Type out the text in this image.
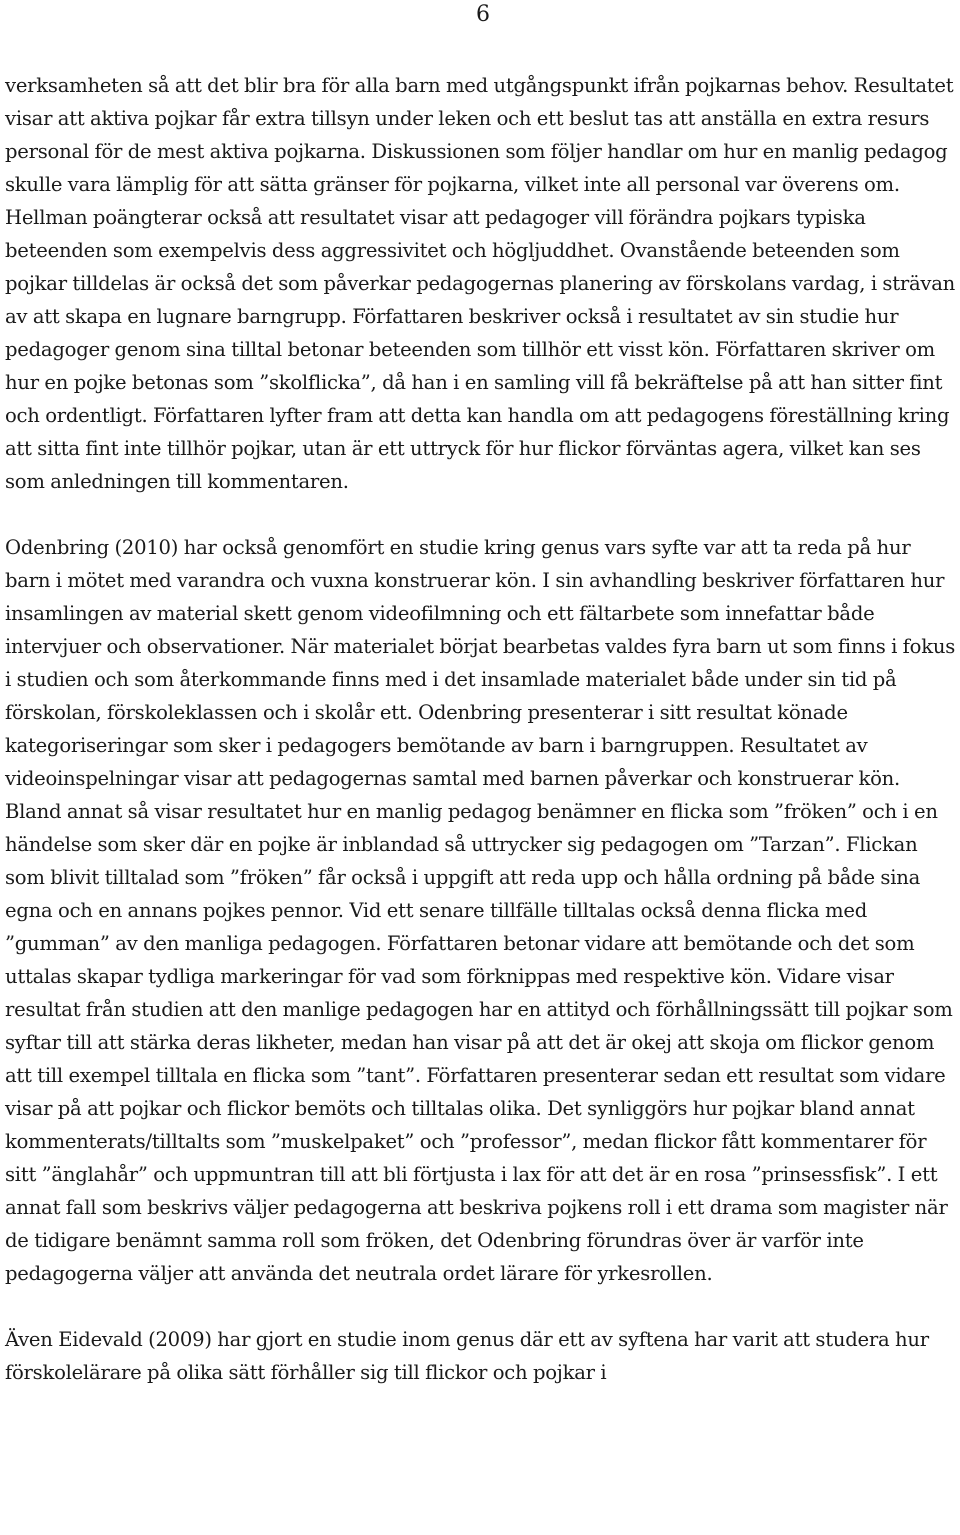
6

verksamheten så att det blir bra för alla barn med utgångspunkt ifrån pojkarnas behov. Resultatet visar att aktiva pojkar får extra tillsyn under leken och ett beslut tas att anställa en extra resurs personal för de mest aktiva pojkarna. Diskussionen som följer handlar om hur en manlig pedagog skulle vara lämplig för att sätta gränser för pojkarna, vilket inte all personal var överens om. Hellman poängterar också att resultatet visar att pedagoger vill förändra pojkars typiska beteenden som exempelvis dess aggressivitet och högljuddhet. Ovanstående beteenden som pojkar tilldelas är också det som påverkar pedagogernas planering av förskolans vardag, i strävan av att skapa en lugnare barngrupp. Författaren beskriver också i resultatet av sin studie hur pedagoger genom sina tilltal betonar beteenden som tillhör ett visst kön. Författaren skriver om hur en pojke betonas som ”skolflicka”, då han i en samling vill få bekräftelse på att han sitter fint och ordentligt. Författaren lyfter fram att detta kan handla om att pedagogens föreställning kring att sitta fint inte tillhör pojkar, utan är ett uttryck för hur flickor förväntas agera, vilket kan ses som anledningen till kommentaren.

Odenbring (2010) har också genomfört en studie kring genus vars syfte var att ta reda på hur barn i mötet med varandra och vuxna konstruerar kön. I sin avhandling beskriver författaren hur insamlingen av material skett genom videofilmning och ett fältarbete som innefattar både intervjuer och observationer. När materialet börjat bearbetas valdes fyra barn ut som finns i fokus i studien och som återkommande finns med i det insamlade materialet både under sin tid på förskolan, förskoleklassen och i skolår ett. Odenbring presenterar i sitt resultat könade kategoriseringar som sker i pedagogers bemötande av barn i barngruppen. Resultatet av videoinspelningar visar att pedagogernas samtal med barnen påverkar och konstruerar kön. Bland annat så visar resultatet hur en manlig pedagog benämner en flicka som ”fröken” och i en händelse som sker där en pojke är inblandad så uttrycker sig pedagogen om ”Tarzan”. Flickan som blivit tilltalad som ”fröken” får också i uppgift att reda upp och hålla ordning på både sina egna och en annans pojkes pennor. Vid ett senare tillfälle tilltalas också denna flicka med ”gumman” av den manliga pedagogen. Författaren betonar vidare att bemötande och det som uttalas skapar tydliga markeringar för vad som förknippas med respektive kön. Vidare visar resultat från studien att den manlige pedagogen har en attityd och förhållningssätt till pojkar som syftar till att stärka deras likheter, medan han visar på att det är okej att skoja om flickor genom att till exempel tilltala en flicka som ”tant”. Författaren presenterar sedan ett resultat som vidare visar på att pojkar och flickor bemöts och tilltalas olika. Det synliggörs hur pojkar bland annat kommenterats/tilltalts som ”muskelpaket” och ”professor”, medan flickor fått kommentarer för sitt ”änglahår” och uppmuntran till att bli förtjusta i lax för att det är en rosa ”prinsessfisk”. I ett annat fall som beskrivs väljer pedagogerna att beskriva pojkens roll i ett drama som magister när de tidigare benämnt samma roll som fröken, det Odenbring förundras över är varför inte pedagogerna väljer att använda det neutrala ordet lärare för yrkesrollen.

Även Eidevald (2009) har gjort en studie inom genus där ett av syftena har varit att studera hur förskolelärare på olika sätt förhåller sig till flickor och pojkar i
